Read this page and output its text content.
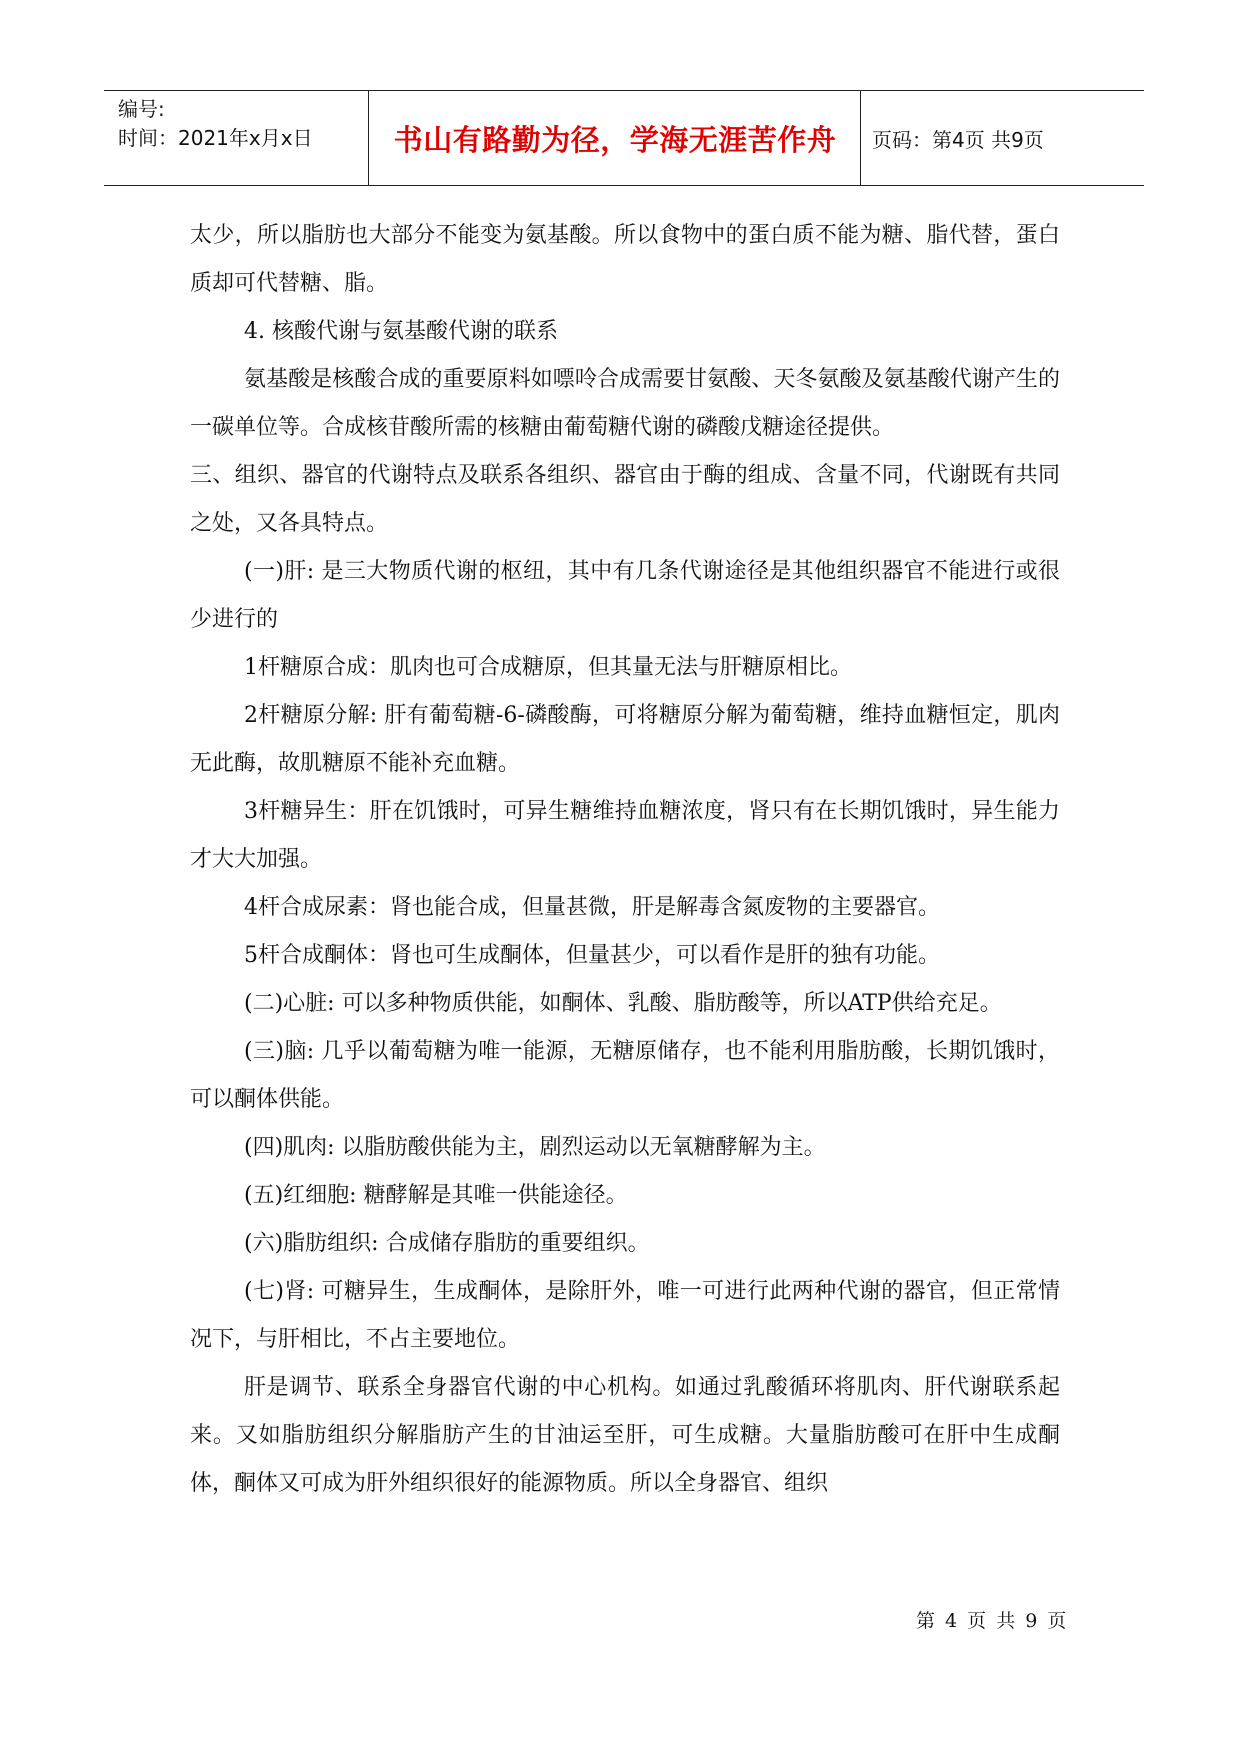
编号:
时间：2021年x月x日	书山有路勤为径，学海无涯苦作舟	页码：第4页 共9页

太少，所以脂肪也大部分不能变为氨基酸。所以食物中的蛋白质不能为糖、脂代替，蛋白质却可代替糖、脂。

4. 核酸代谢与氨基酸代谢的联系

氨基酸是核酸合成的重要原料如嘌呤合成需要甘氨酸、天冬氨酸及氨基酸代谢产生的一碳单位等。合成核苷酸所需的核糖由葡萄糖代谢的磷酸戊糖途径提供。

三、组织、器官的代谢特点及联系各组织、器官由于酶的组成、含量不同，代谢既有共同之处，又各具特点。

(一)肝: 是三大物质代谢的枢纽，其中有几条代谢途径是其他组织器官不能进行或很少进行的

1杆糖原合成：肌肉也可合成糖原，但其量无法与肝糖原相比。

2杆糖原分解: 肝有葡萄糖-6-磷酸酶，可将糖原分解为葡萄糖，维持血糖恒定，肌肉无此酶，故肌糖原不能补充血糖。

3杆糖异生：肝在饥饿时，可异生糖维持血糖浓度，肾只有在长期饥饿时，异生能力才大大加强。

4杆合成尿素：肾也能合成，但量甚微，肝是解毒含氮废物的主要器官。

5杆合成酮体：肾也可生成酮体，但量甚少，可以看作是肝的独有功能。

(二)心脏: 可以多种物质供能，如酮体、乳酸、脂肪酸等，所以ATP供给充足。

(三)脑: 几乎以葡萄糖为唯一能源，无糖原储存，也不能利用脂肪酸，长期饥饿时，可以酮体供能。

(四)肌肉: 以脂肪酸供能为主，剧烈运动以无氧糖酵解为主。

(五)红细胞: 糖酵解是其唯一供能途径。

(六)脂肪组织: 合成储存脂肪的重要组织。

(七)肾: 可糖异生，生成酮体，是除肝外，唯一可进行此两种代谢的器官，但正常情况下，与肝相比，不占主要地位。

肝是调节、联系全身器官代谢的中心机构。如通过乳酸循环将肌肉、肝代谢联系起来。又如脂肪组织分解脂肪产生的甘油运至肝，可生成糖。大量脂肪酸可在肝中生成酮体，酮体又可成为肝外组织很好的能源物质。所以全身器官、组织

第 4 页 共 9 页
